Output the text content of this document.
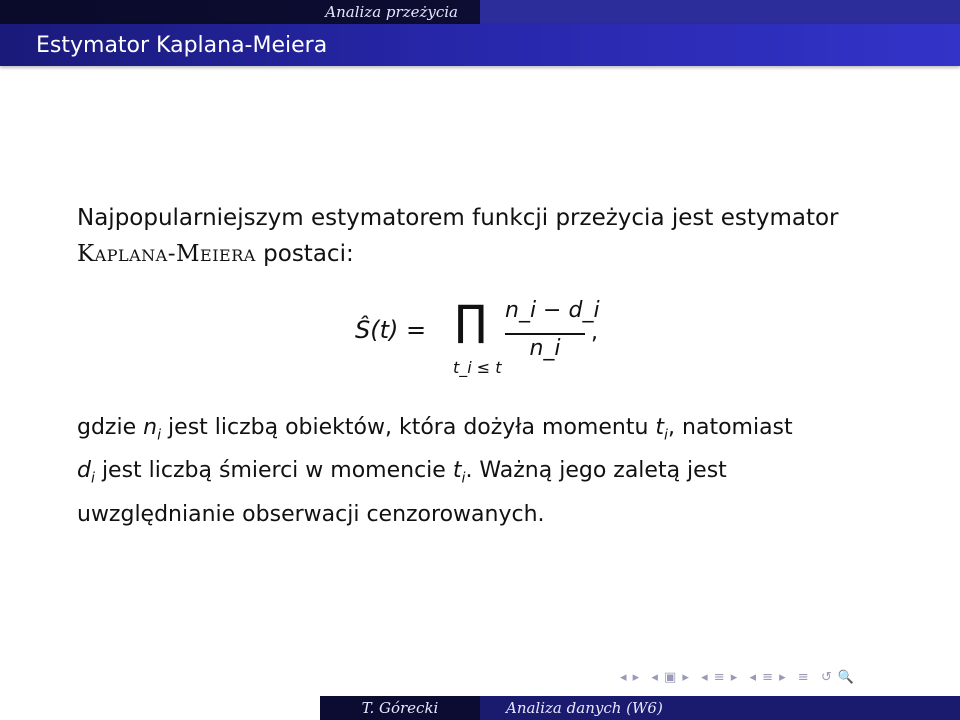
Analiza przeżycia
Estymator Kaplana-Meiera

Najpopularniejszym estymatorem funkcji przeżycia jest estymator

Kaplana-Meiera postaci:

Ŝ(t) = ∏
t_i ≤ t
n_i − d_i
n_i
,
gdzie $n_i$ jest liczbą obiektów, która dożyła momentu $t_i$, natomiast
$d_i$ jest liczbą śmierci w momencie $t_i$. Ważną jego zaletą jest
uwzględnianie obserwacji cenzorowanych.
◂ ▸ ◂ ▣ ▸ ◂ ≡ ▸ ◂ ≡ ▸ ≡ ↺ 🔍
T. Górecki	Analiza danych (W6)
